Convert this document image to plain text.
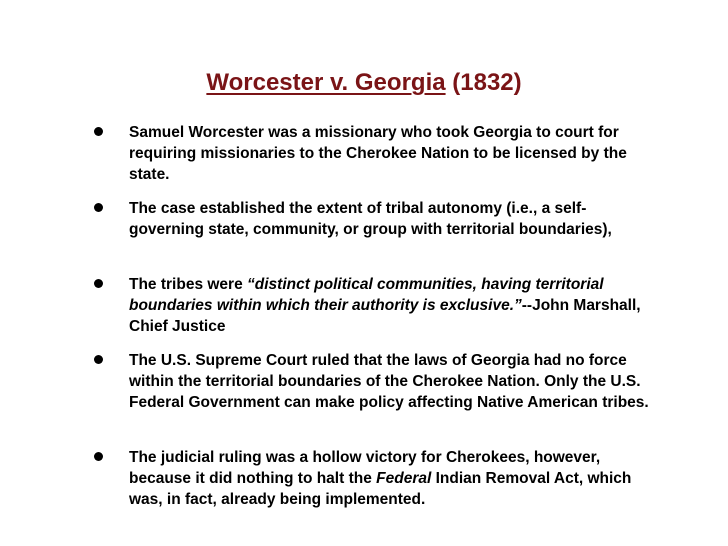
Worcester v. Georgia (1832)
Samuel Worcester was a missionary who took Georgia to court for requiring missionaries to the Cherokee Nation to be licensed by the state.
The case established the extent of tribal autonomy (i.e., a self-governing state, community, or group with territorial boundaries),
The tribes were “distinct political communities, having territorial boundaries within which their authority is exclusive.”--John Marshall, Chief Justice
The U.S. Supreme Court ruled that the laws of Georgia had no force within the territorial boundaries of the Cherokee Nation. Only the U.S. Federal Government can make policy affecting Native American tribes.
The judicial ruling was a hollow victory for Cherokees, however, because it did nothing to halt the Federal Indian Removal Act, which was, in fact, already being implemented.
